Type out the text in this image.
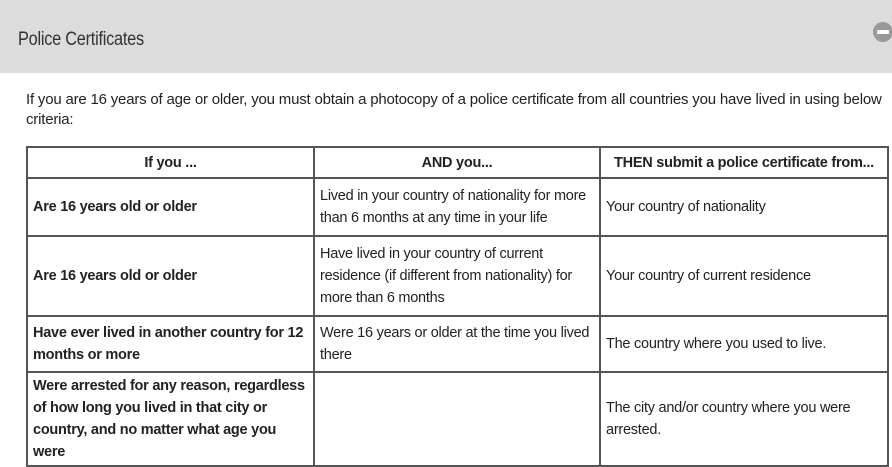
Police Certificates
If you are 16 years of age or older, you must obtain a photocopy of a police certificate from all countries you have lived in using below criteria:
If you ...	AND you...	THEN submit a police certificate from...
Are 16 years old or older	Lived in your country of nationality for more than 6 months at any time in your life	Your country of nationality
Are 16 years old or older	Have lived in your country of current residence (if different from nationality) for more than 6 months	Your country of current residence
Have ever lived in another country for 12 months or more	Were 16 years or older at the time you lived there	The country where you used to live.
Were arrested for any reason, regardless of how long you lived in that city or country, and no matter what age you were		The city and/or country where you were arrested.
